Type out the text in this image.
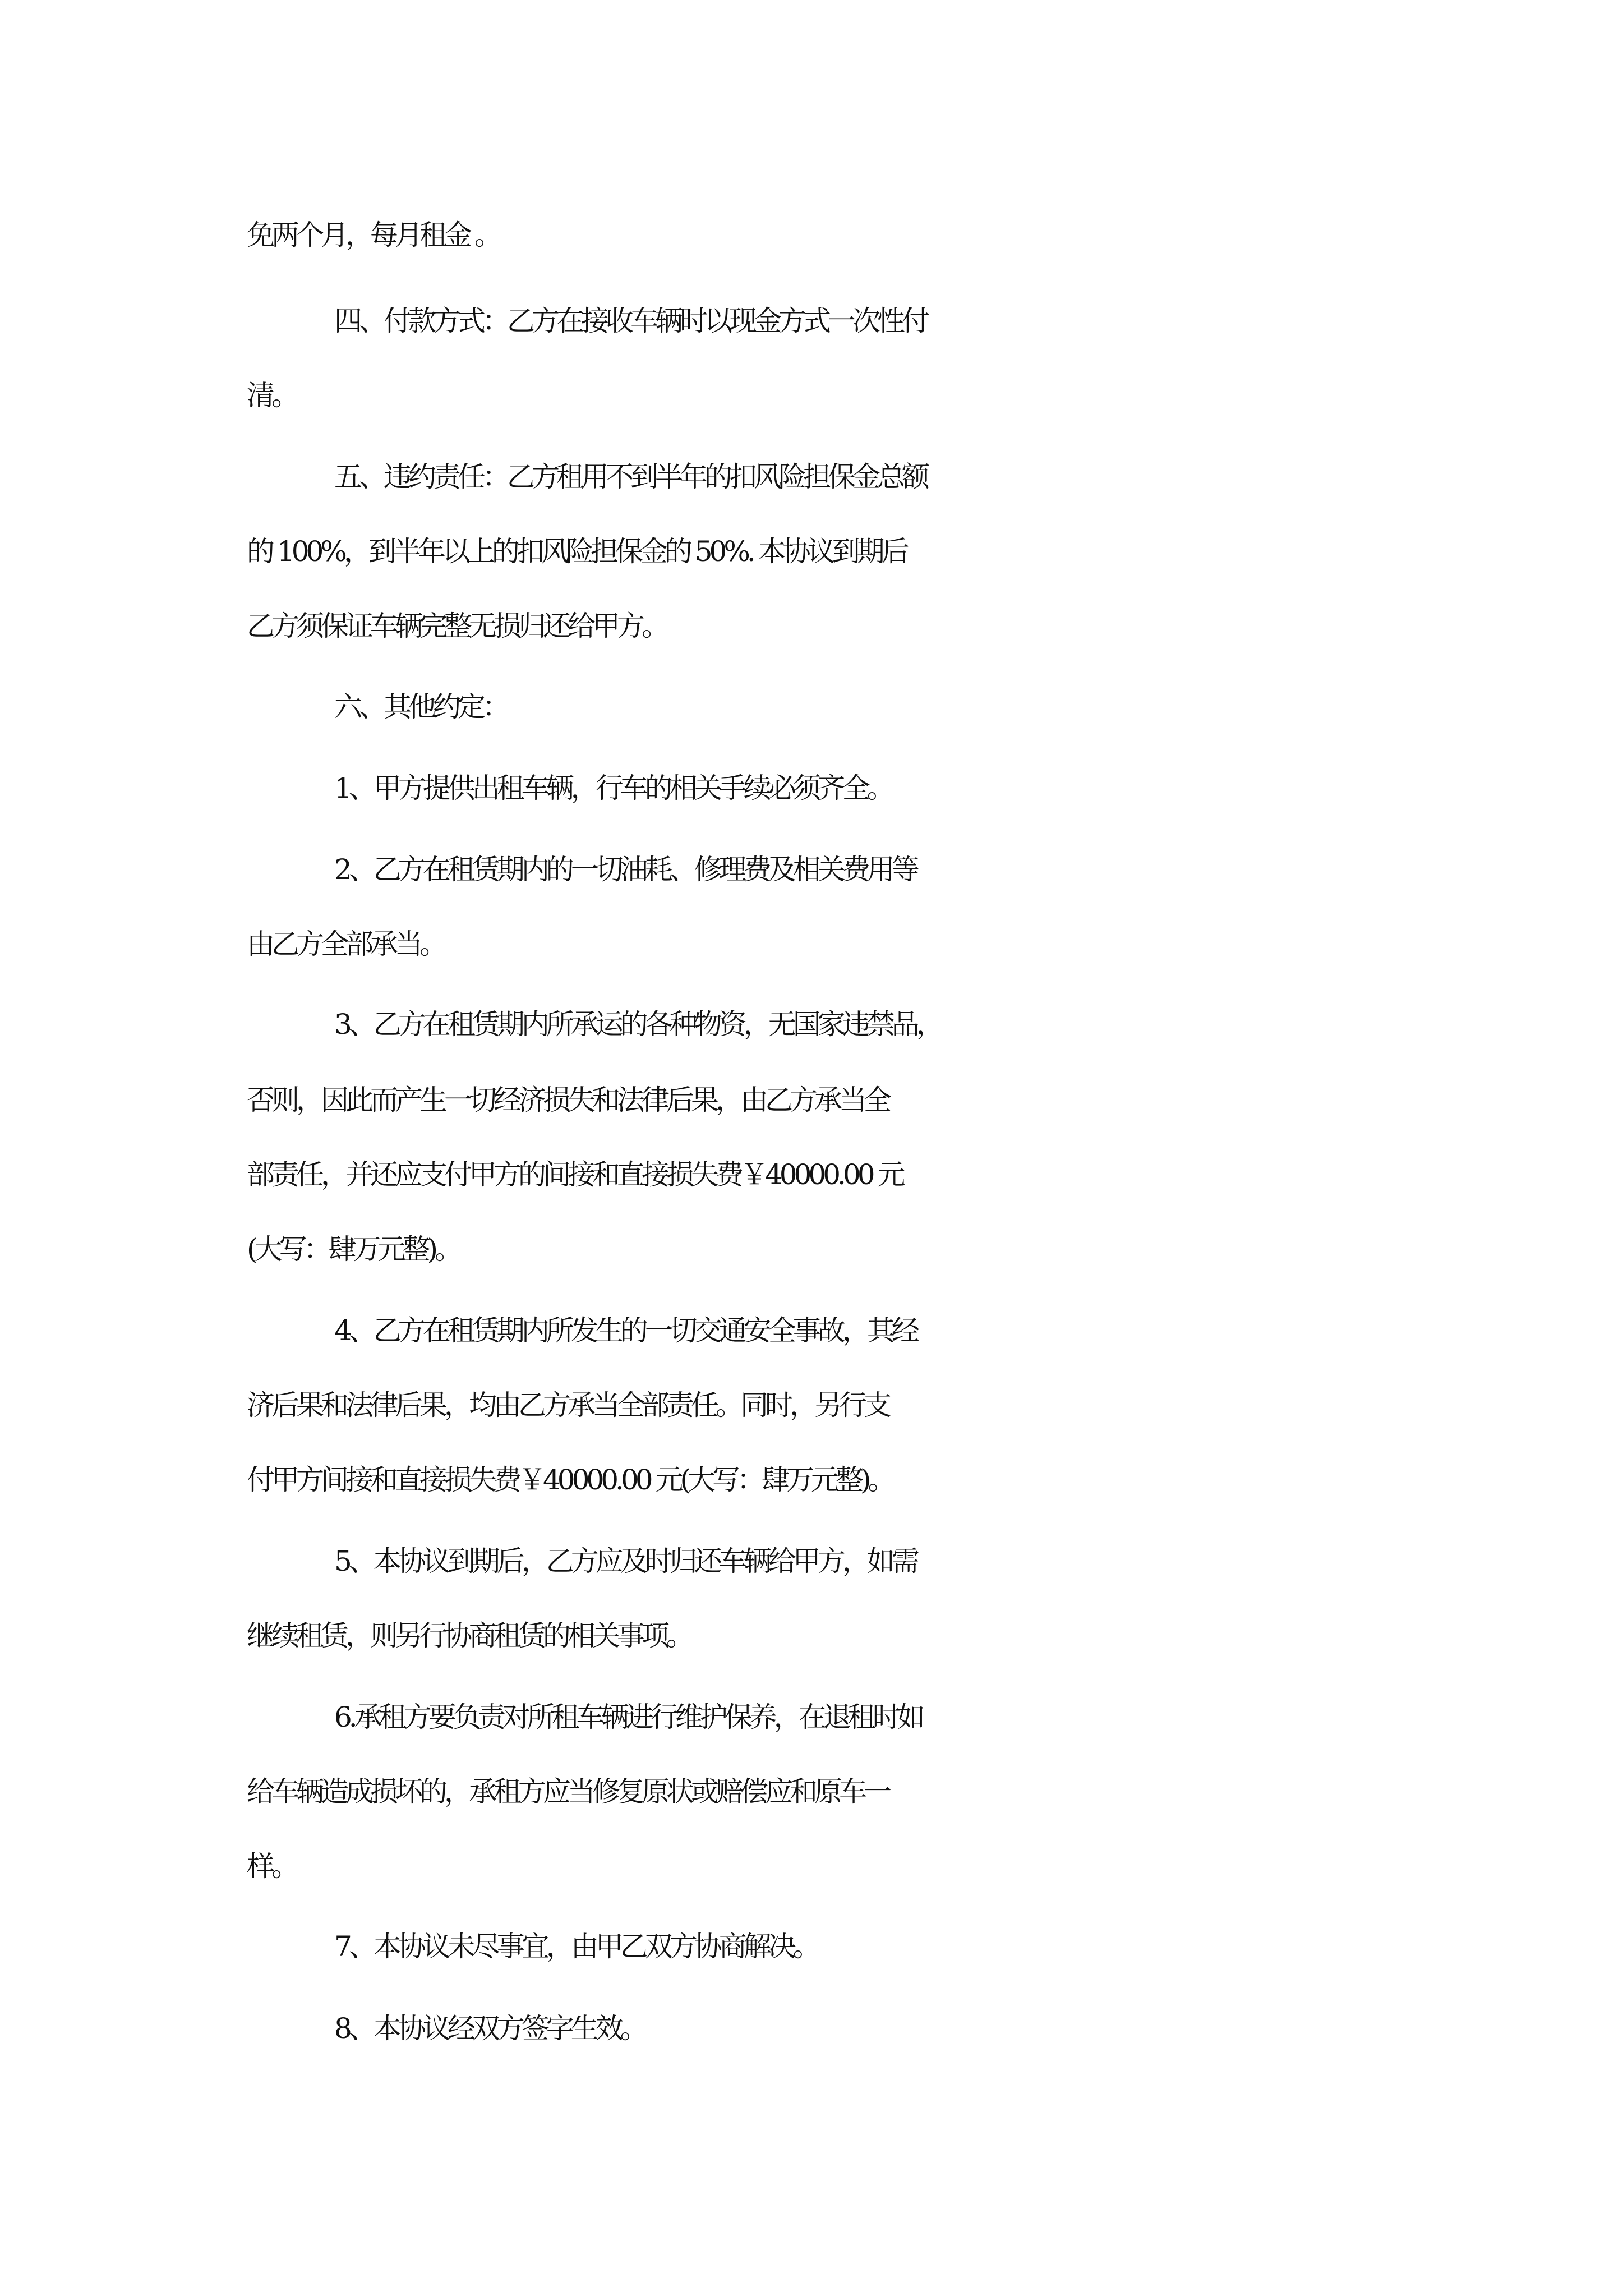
免两个月，每月租金 。
四、付款方式：乙方在接收车辆时以现金方式一次性付
清。
五、违约责任：乙方租用不到半年的扣风险担保金总额
的 100%，到半年以上的扣风险担保金的 50%. 本协议到期后
乙方须保证车辆完整无损归还给甲方。
六、其他约定：
1、甲方提供出租车辆，行车的相关手续必须齐全。
2、乙方在租赁期内的一切油耗、修理费及相关费用等
由乙方全部承当。
3、乙方在租赁期内所承运的各种物资，无国家违禁品，
否则，因此而产生一切经济损失和法律后果，由乙方承当全
部责任，并还应支付甲方的间接和直接损失费￥40000.00 元
(大写：肆万元整)。
4、乙方在租赁期内所发生的一切交通安全事故，其经
济后果和法律后果，均由乙方承当全部责任。同时，另行支
付甲方间接和直接损失费￥40000.00 元(大写：肆万元整)。
5、本协议到期后，乙方应及时归还车辆给甲方，如需
继续租赁，则另行协商租赁的相关事项。
6.承租方要负责对所租车辆进行维护保养，在退租时如
给车辆造成损坏的，承租方应当修复原状或赔偿应和原车一
样。
7、本协议未尽事宜，由甲乙双方协商解决。
8、本协议经双方签字生效。
